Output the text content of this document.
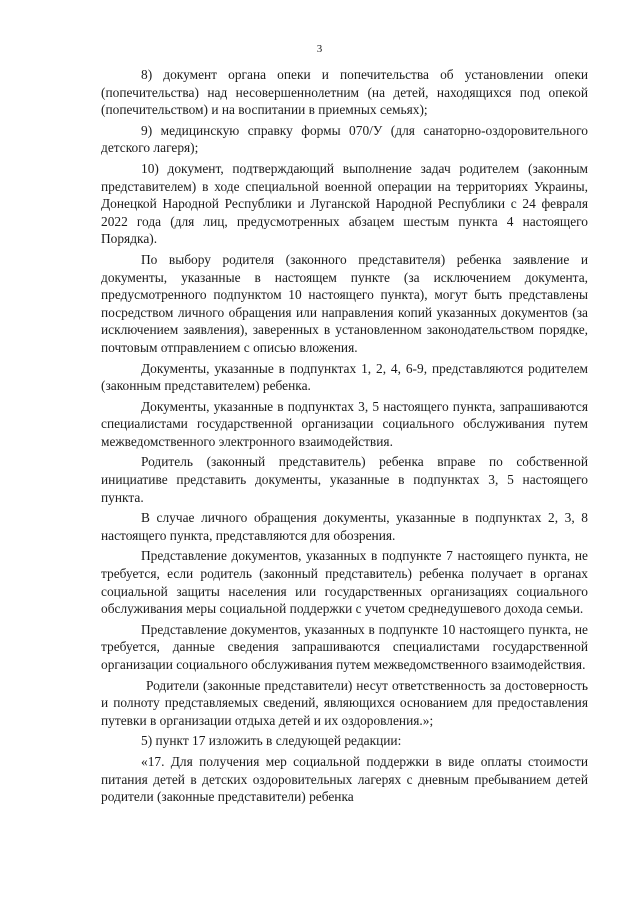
3

8) документ органа опеки и попечительства об установлении опеки (попечительства) над несовершеннолетним (на детей, находящихся под опекой (попечительством) и на воспитании в приемных семьях);

9) медицинскую справку формы 070/У (для санаторно-оздоровительного детского лагеря);

10) документ, подтверждающий выполнение задач родителем (законным представителем) в ходе специальной военной операции на территориях Украины, Донецкой Народной Республики и Луганской Народной Республики с 24 февраля 2022 года (для лиц, предусмотренных абзацем шестым пункта 4 настоящего Порядка).

По выбору родителя (законного представителя) ребенка заявление и документы, указанные в настоящем пункте (за исключением документа, предусмотренного подпунктом 10 настоящего пункта), могут быть представлены посредством личного обращения или направления копий указанных документов (за исключением заявления), заверенных в установленном законодательством порядке, почтовым отправлением с описью вложения.

Документы, указанные в подпунктах 1, 2, 4, 6-9, представляются родителем (законным представителем) ребенка.

Документы, указанные в подпунктах 3, 5 настоящего пункта, запрашиваются специалистами государственной организации социального обслуживания путем межведомственного электронного взаимодействия.

Родитель (законный представитель) ребенка вправе по собственной инициативе представить документы, указанные в подпунктах 3, 5 настоящего пункта.

В случае личного обращения документы, указанные в подпунктах 2, 3, 8 настоящего пункта, представляются для обозрения.

Представление документов, указанных в подпункте 7 настоящего пункта, не требуется, если родитель (законный представитель) ребенка получает в органах социальной защиты населения или государственных организациях социального обслуживания меры социальной поддержки с учетом среднедушевого дохода семьи.

Представление документов, указанных в подпункте 10 настоящего пункта, не требуется, данные сведения запрашиваются специалистами государственной организации социального обслуживания путем межведомственного взаимодействия.

Родители (законные представители) несут ответственность за достоверность и полноту представляемых сведений, являющихся основанием для предоставления путевки в организации отдыха детей и их оздоровления.»;

5) пункт 17 изложить в следующей редакции:

«17. Для получения мер социальной поддержки в виде оплаты стоимости питания детей в детских оздоровительных лагерях с дневным пребыванием детей родители (законные представители) ребенка
